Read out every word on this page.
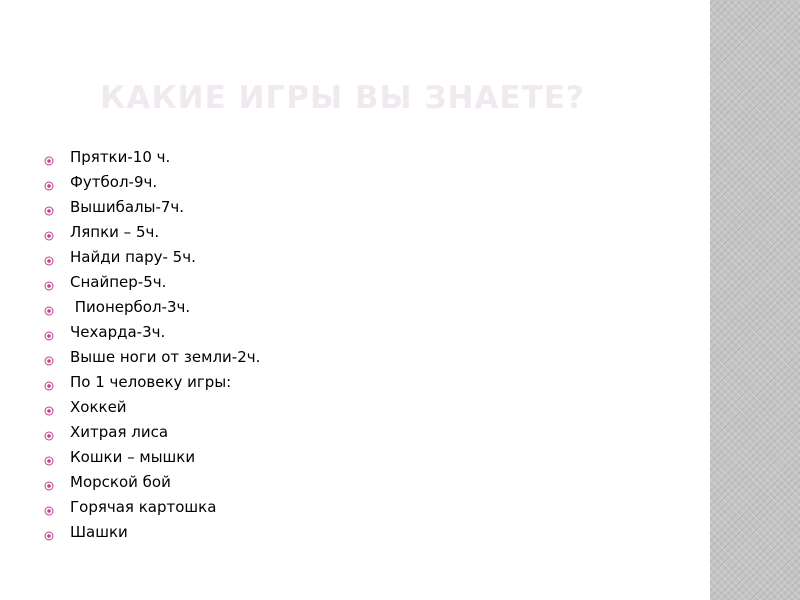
КАКИЕ ИГРЫ ВЫ ЗНАЕТЕ?
Прятки-10 ч.
Футбол-9ч.
Вышибалы-7ч.
Ляпки – 5ч.
Найди пару- 5ч.
Снайпер-5ч.
Пионербол-3ч.
Чехарда-3ч.
Выше ноги от земли-2ч.
По 1 человеку игры:
Хоккей
Хитрая лиса
Кошки – мышки
Морской бой
Горячая картошка
Шашки
